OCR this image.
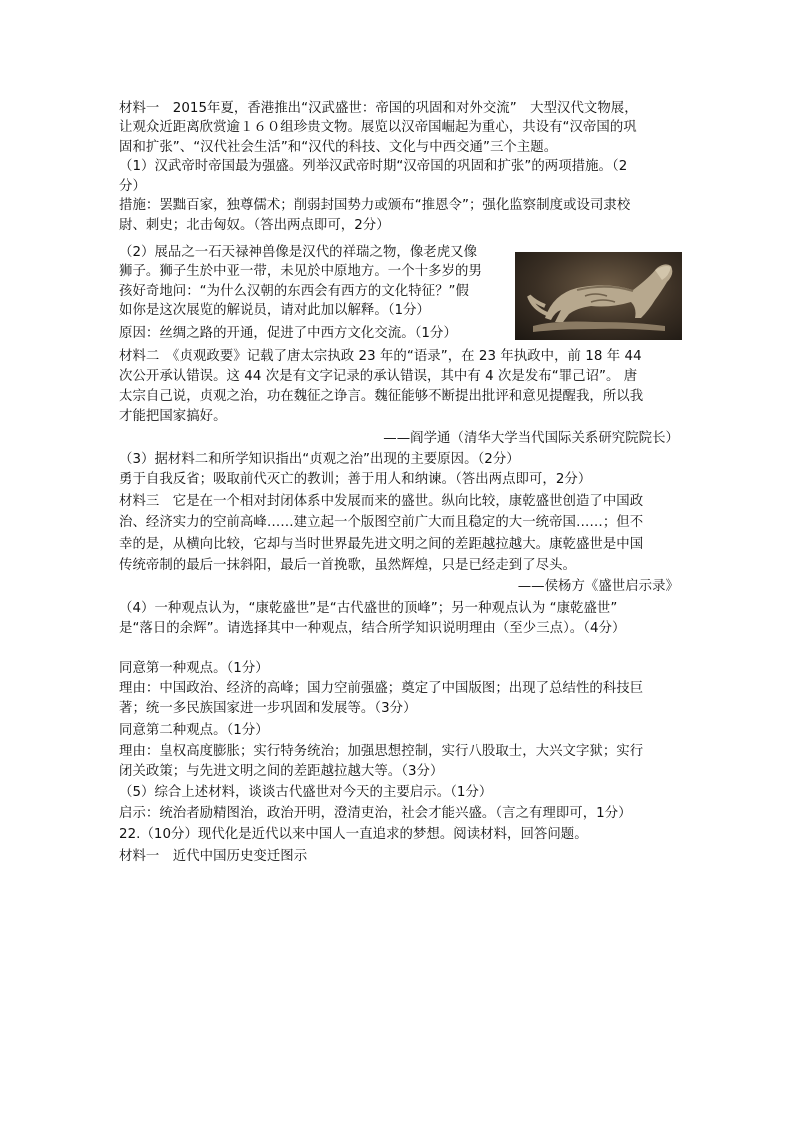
材料一　2015年夏，香港推出“汉武盛世：帝国的巩固和对外交流”　大型汉代文物展，
让观众近距离欣赏逾１６０组珍贵文物。展览以汉帝国崛起为重心，共设有“汉帝国的巩
固和扩张”、“汉代社会生活”和“汉代的科技、文化与中西交通”三个主题。
（1）汉武帝时帝国最为强盛。列举汉武帝时期“汉帝国的巩固和扩张”的两项措施。（2
分）
措施：罢黜百家，独尊儒术；削弱封国势力或颁布“推恩令”；强化监察制度或设司隶校
尉、刺史；北击匈奴。（答出两点即可，2分）
（2）展品之一石天禄神兽像是汉代的祥瑞之物，像老虎又像
狮子。狮子生於中亚一带，未见於中原地方。一个十多岁的男
孩好奇地问：“为什么汉朝的东西会有西方的文化特征？”假
如你是这次展览的解说员，请对此加以解释。（1分）
原因：丝绸之路的开通，促进了中西方文化交流。（1分）
材料二　《贞观政要》记载了唐太宗执政 23 年的“语录”，在 23 年执政中，前 18 年 44
次公开承认错误。这 44 次是有文字记录的承认错误，其中有 4 次是发布“罪己诏”。 唐
太宗自己说，贞观之治，功在魏征之诤言。魏征能够不断提出批评和意见提醒我，所以我
才能把国家搞好。
——阎学通（清华大学当代国际关系研究院院长）
（3）据材料二和所学知识指出“贞观之治”出现的主要原因。（2分）
勇于自我反省；吸取前代灭亡的教训；善于用人和纳谏。（答出两点即可，2分）
材料三　它是在一个相对封闭体系中发展而来的盛世。纵向比较，康乾盛世创造了中国政
治、经济实力的空前高峰……建立起一个版图空前广大而且稳定的大一统帝国……；但不
幸的是，从横向比较，它却与当时世界最先进文明之间的差距越拉越大。康乾盛世是中国
传统帝制的最后一抹斜阳，最后一首挽歌，虽然辉煌，只是已经走到了尽头。
——侯杨方《盛世启示录》
（4）一种观点认为，“康乾盛世”是“古代盛世的顶峰”；另一种观点认为 “康乾盛世”
是“落日的余辉”。请选择其中一种观点，结合所学知识说明理由（至少三点）。（4分）
同意第一种观点。（1分）
理由：中国政治、经济的高峰；国力空前强盛；奠定了中国版图；出现了总结性的科技巨
著；统一多民族国家进一步巩固和发展等。（3分）
同意第二种观点。（1分）
理由：皇权高度膨胀；实行特务统治；加强思想控制，实行八股取士，大兴文字狱；实行
闭关政策；与先进文明之间的差距越拉越大等。（3分）
（5）综合上述材料，谈谈古代盛世对今天的主要启示。（1分）
启示：统治者励精图治，政治开明，澄清吏治，社会才能兴盛。（言之有理即可，1分）
22.（10分）现代化是近代以来中国人一直追求的梦想。阅读材料，回答问题。
材料一　近代中国历史变迁图示
